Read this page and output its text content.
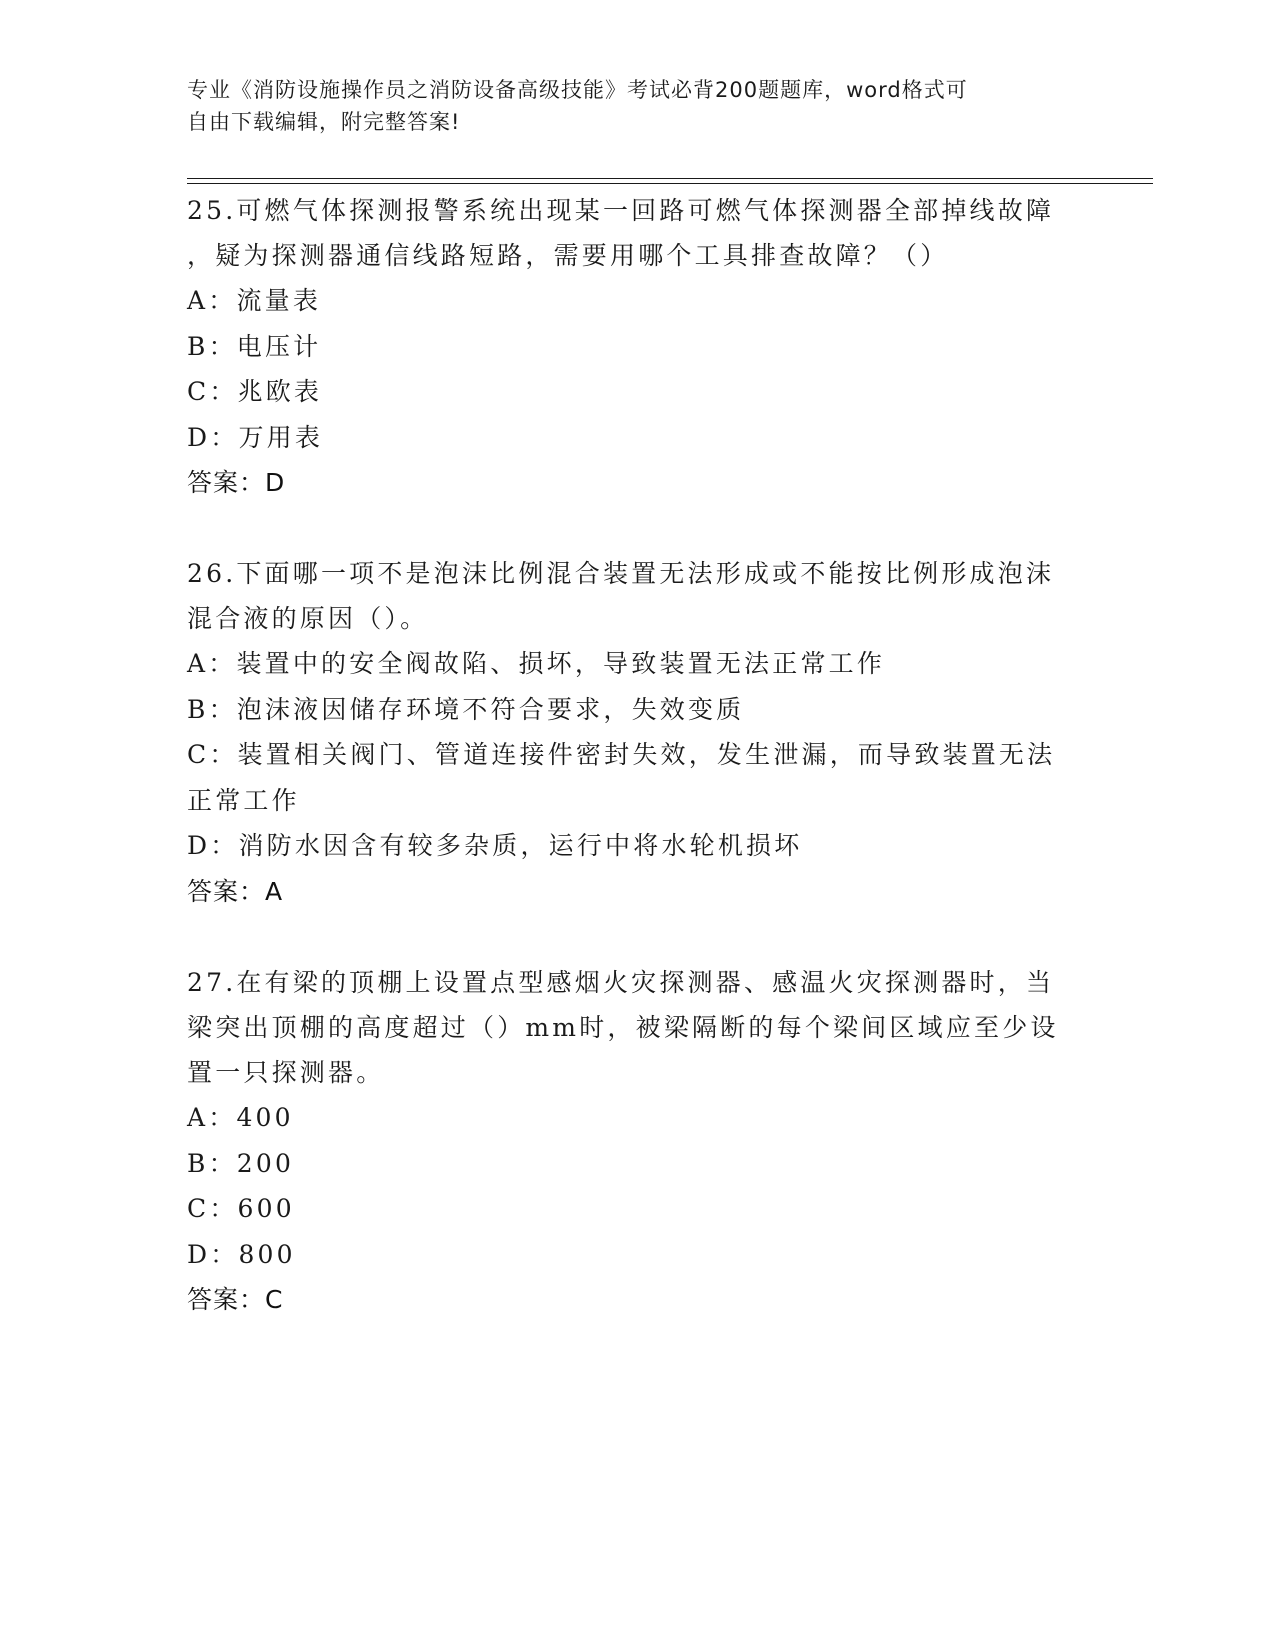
专业《消防设施操作员之消防设备高级技能》考试必背200题题库，word格式可
自由下载编辑，附完整答案!
25.可燃气体探测报警系统出现某一回路可燃气体探测器全部掉线故障
，疑为探测器通信线路短路，需要用哪个工具排查故障？（）
A：流量表
B：电压计
C：兆欧表
D：万用表
答案：D
26.下面哪一项不是泡沫比例混合装置无法形成或不能按比例形成泡沫
混合液的原因（）。
A：装置中的安全阀故陷、损坏，导致装置无法正常工作
B：泡沫液因储存环境不符合要求，失效变质
C：装置相关阀门、管道连接件密封失效，发生泄漏，而导致装置无法
正常工作
D：消防水因含有较多杂质，运行中将水轮机损坏
答案：A
27.在有梁的顶棚上设置点型感烟火灾探测器、感温火灾探测器时，当
梁突出顶棚的高度超过（）mm时，被梁隔断的每个梁间区域应至少设
置一只探测器。
A：400
B：200
C：600
D：800
答案：C
